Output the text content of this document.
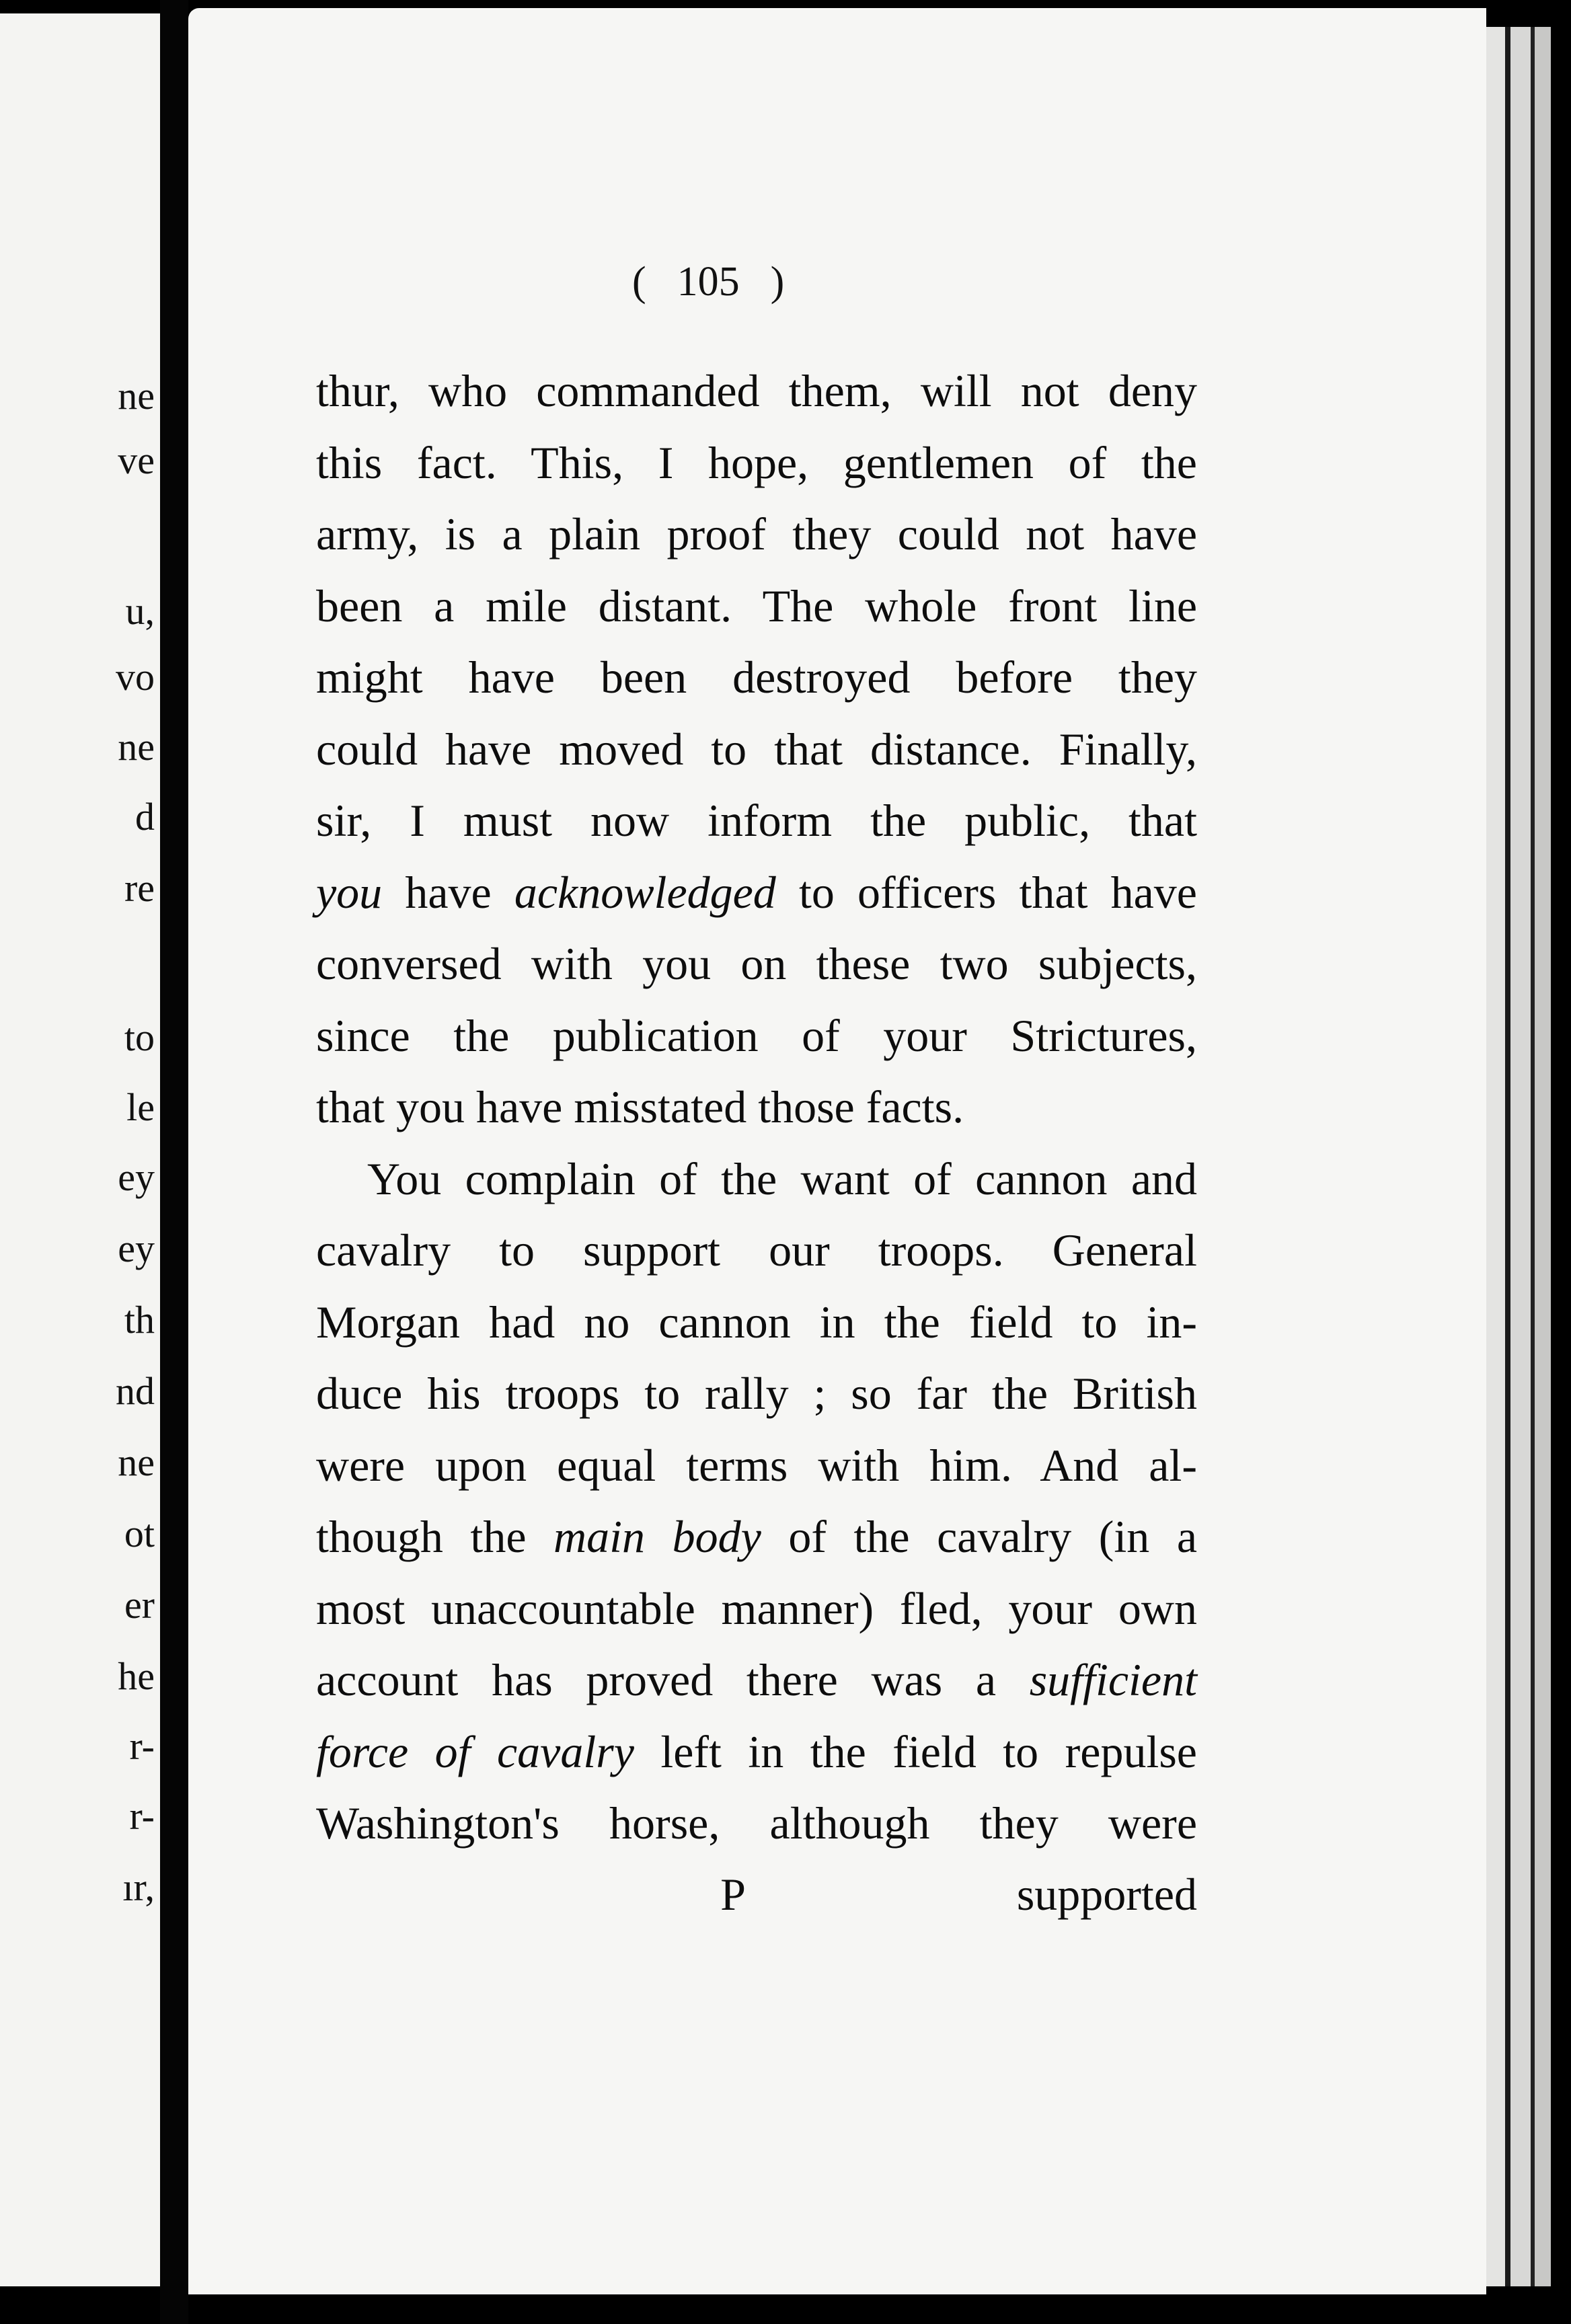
ne
ve
u,
vo
ne
d
re
to
le
ey
ey
th
nd
ne
ot
er
he
r-
r-
ır,
( 105 )
thur, who commanded them, will not deny
this fact. This, I hope, gentlemen of the
army, is a plain proof they could not have
been a mile distant. The whole front line
might have been destroyed before they
could have moved to that distance. Finally,
sir, I must now inform the public, that
you have acknowledged to officers that have
conversed with you on these two subjects,
since the publication of your Strictures,
that you have misstated those facts.
You complain of the want of cannon and
cavalry to support our troops. General
Morgan had no cannon in the field to in-
duce his troops to rally ; so far the British
were upon equal terms with him. And al-
though the main body of the cavalry (in a
most unaccountable manner) fled, your own
account has proved there was a sufficient
force of cavalry left in the field to repulse
Washington's horse, although they were
P	supported
